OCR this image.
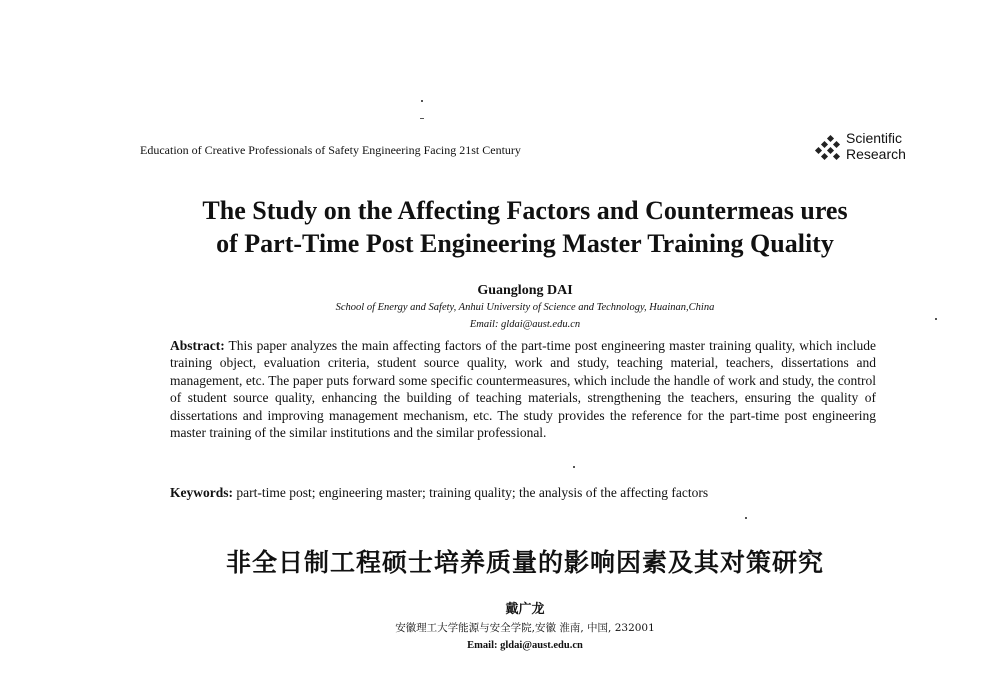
Education of Creative Professionals of Safety Engineering Facing 21st Century
Scientific
Research
The Study on the Affecting Factors and Countermeas ures
of Part-Time Post Engineering Master Training Quality
Guanglong DAI
School of Energy and Safety, Anhui University of Science and Technology, Huainan,China
Email: gldai@aust.edu.cn
Abstract: This paper analyzes the main affecting factors of the part-time post engineering master training quality, which include training object, evaluation criteria, student source quality, work and study, teaching material, teachers, dissertations and management, etc. The paper puts forward some specific countermeasures, which include the handle of work and study, the control of student source quality, enhancing the building of teaching materials, strengthening the teachers, ensuring the quality of dissertations and improving management mechanism, etc. The study provides the reference for the part-time post engineering master training of the similar institutions and the similar professional.
Keywords: part-time post; engineering master; training quality; the analysis of the affecting factors
非全日制工程硕士培养质量的影响因素及其对策研究
戴广龙
安徽理工大学能源与安全学院,安徽 淮南, 中国, 232001
Email: gldai@aust.edu.cn
